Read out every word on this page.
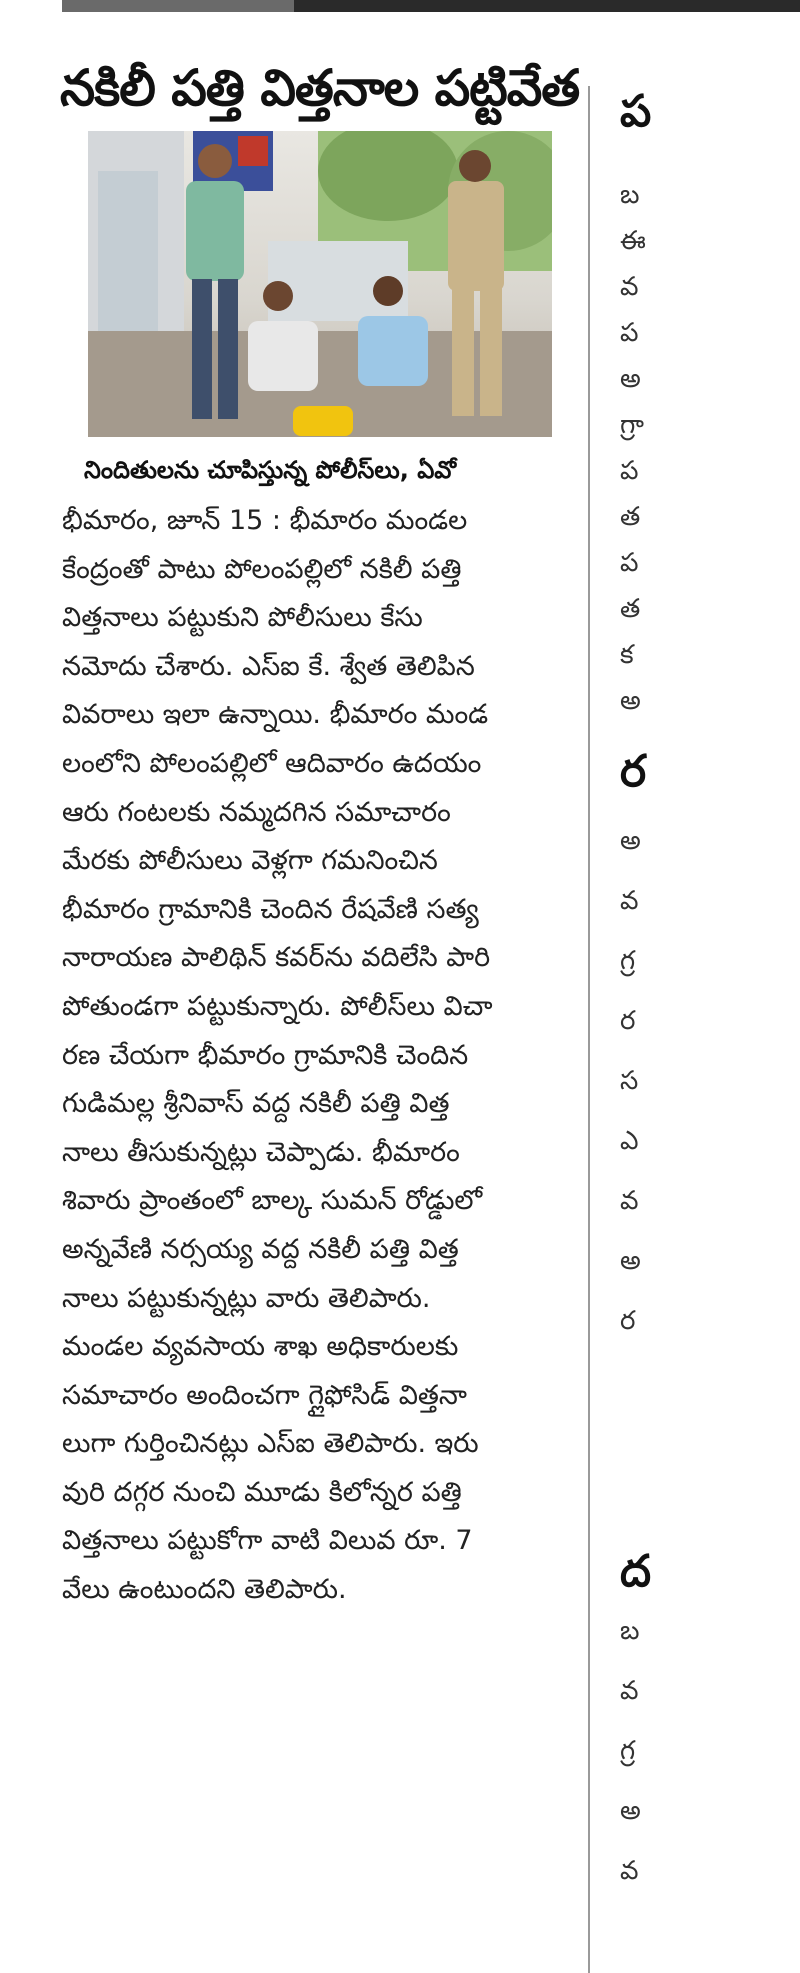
నకిలీ పత్తి విత్తనాల పట్టివేత
నిందితులను చూపిస్తున్న పోలీస్‌లు, ఏవో
భీమారం, జూన్ 15 : భీమారం మండల
కేంద్రంతో పాటు పోలంపల్లిలో నకిలీ పత్తి
విత్తనాలు పట్టుకుని పోలీసులు కేసు
నమోదు చేశారు. ఎస్ఐ కే. శ్వేత తెలిపిన
వివరాలు ఇలా ఉన్నాయి. భీమారం మండ
లంలోని పోలంపల్లిలో ఆదివారం ఉదయం
ఆరు గంటలకు నమ్మదగిన సమాచారం
మేరకు పోలీసులు వెళ్లగా గమనించిన
భీమారం గ్రామానికి చెందిన రేషవేణి సత్య
నారాయణ పాలిథిన్ కవర్‌ను వదిలేసి పారి
పోతుండగా పట్టుకున్నారు. పోలీస్‌లు విచా
రణ చేయగా భీమారం గ్రామానికి చెందిన
గుడిమల్ల శ్రీనివాస్ వద్ద నకిలీ పత్తి విత్త
నాలు తీసుకున్నట్లు చెప్పాడు. భీమారం
శివారు ప్రాంతంలో బాల్క సుమన్ రోడ్డులో
అన్నవేణి నర్సయ్య వద్ద నకిలీ పత్తి విత్త
నాలు పట్టుకున్నట్లు వారు తెలిపారు.
మండల వ్యవసాయ శాఖ అధికారులకు
సమాచారం అందించగా గ్లైఫోసిడ్ విత్తనా
లుగా గుర్తించినట్లు ఎస్ఐ తెలిపారు. ఇరు
వురి దగ్గర నుంచి మూడు కిలోన్నర పత్తి
విత్తనాలు పట్టుకోగా వాటి విలువ రూ. 7
వేలు ఉంటుందని తెలిపారు.
ప
ర
ద
బ
ఈ
వ
ప
అ
గ్రా
ప
త
ప
త
క
అ
అ
వ
గ్ర
ర
స
ఎ
వ
అ
ర
బ
వ
గ్ర
అ
వ
